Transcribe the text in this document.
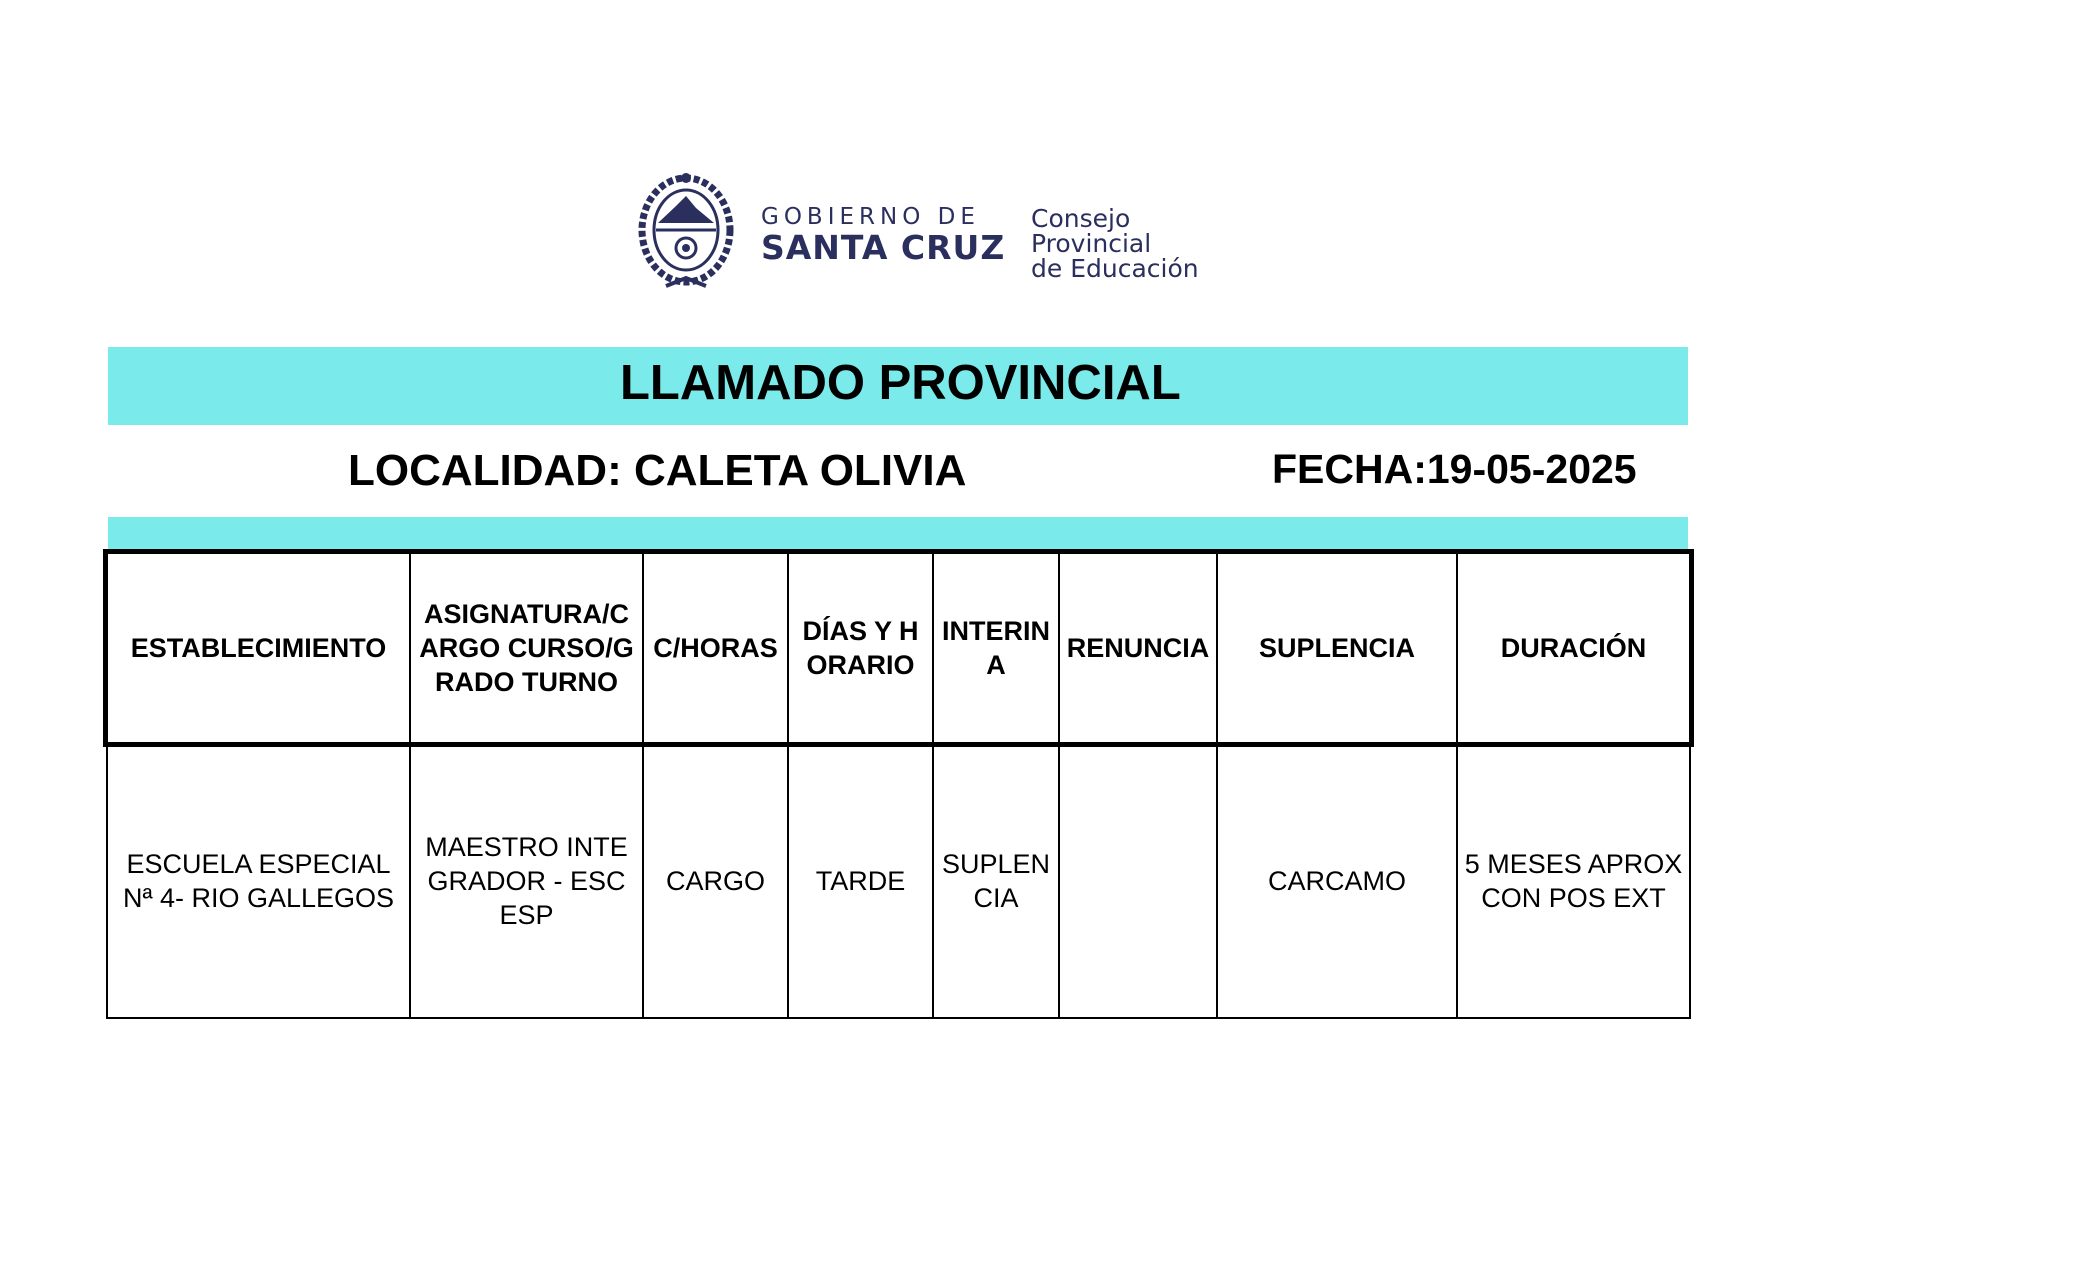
GOBIERNO DE
SANTA CRUZ
Consejo Provincial
de Educación
LLAMADO PROVINCIAL
LOCALIDAD: CALETA OLIVIA	FECHA:19-05-2025
ESTABLECIMIENTO	ASIGNATURA/CARGO CURSO/GRADO TURNO	C/HORAS	DÍAS Y HORARIO	INTERINA	RENUNCIA	SUPLENCIA	DURACIÓN
ESCUELA ESPECIAL Nª 4- RIO GALLEGOS	MAESTRO INTEGRADOR - ESC ESP	CARGO	TARDE	SUPLENCIA		CARCAMO	5 MESES APROX CON POS EXT
